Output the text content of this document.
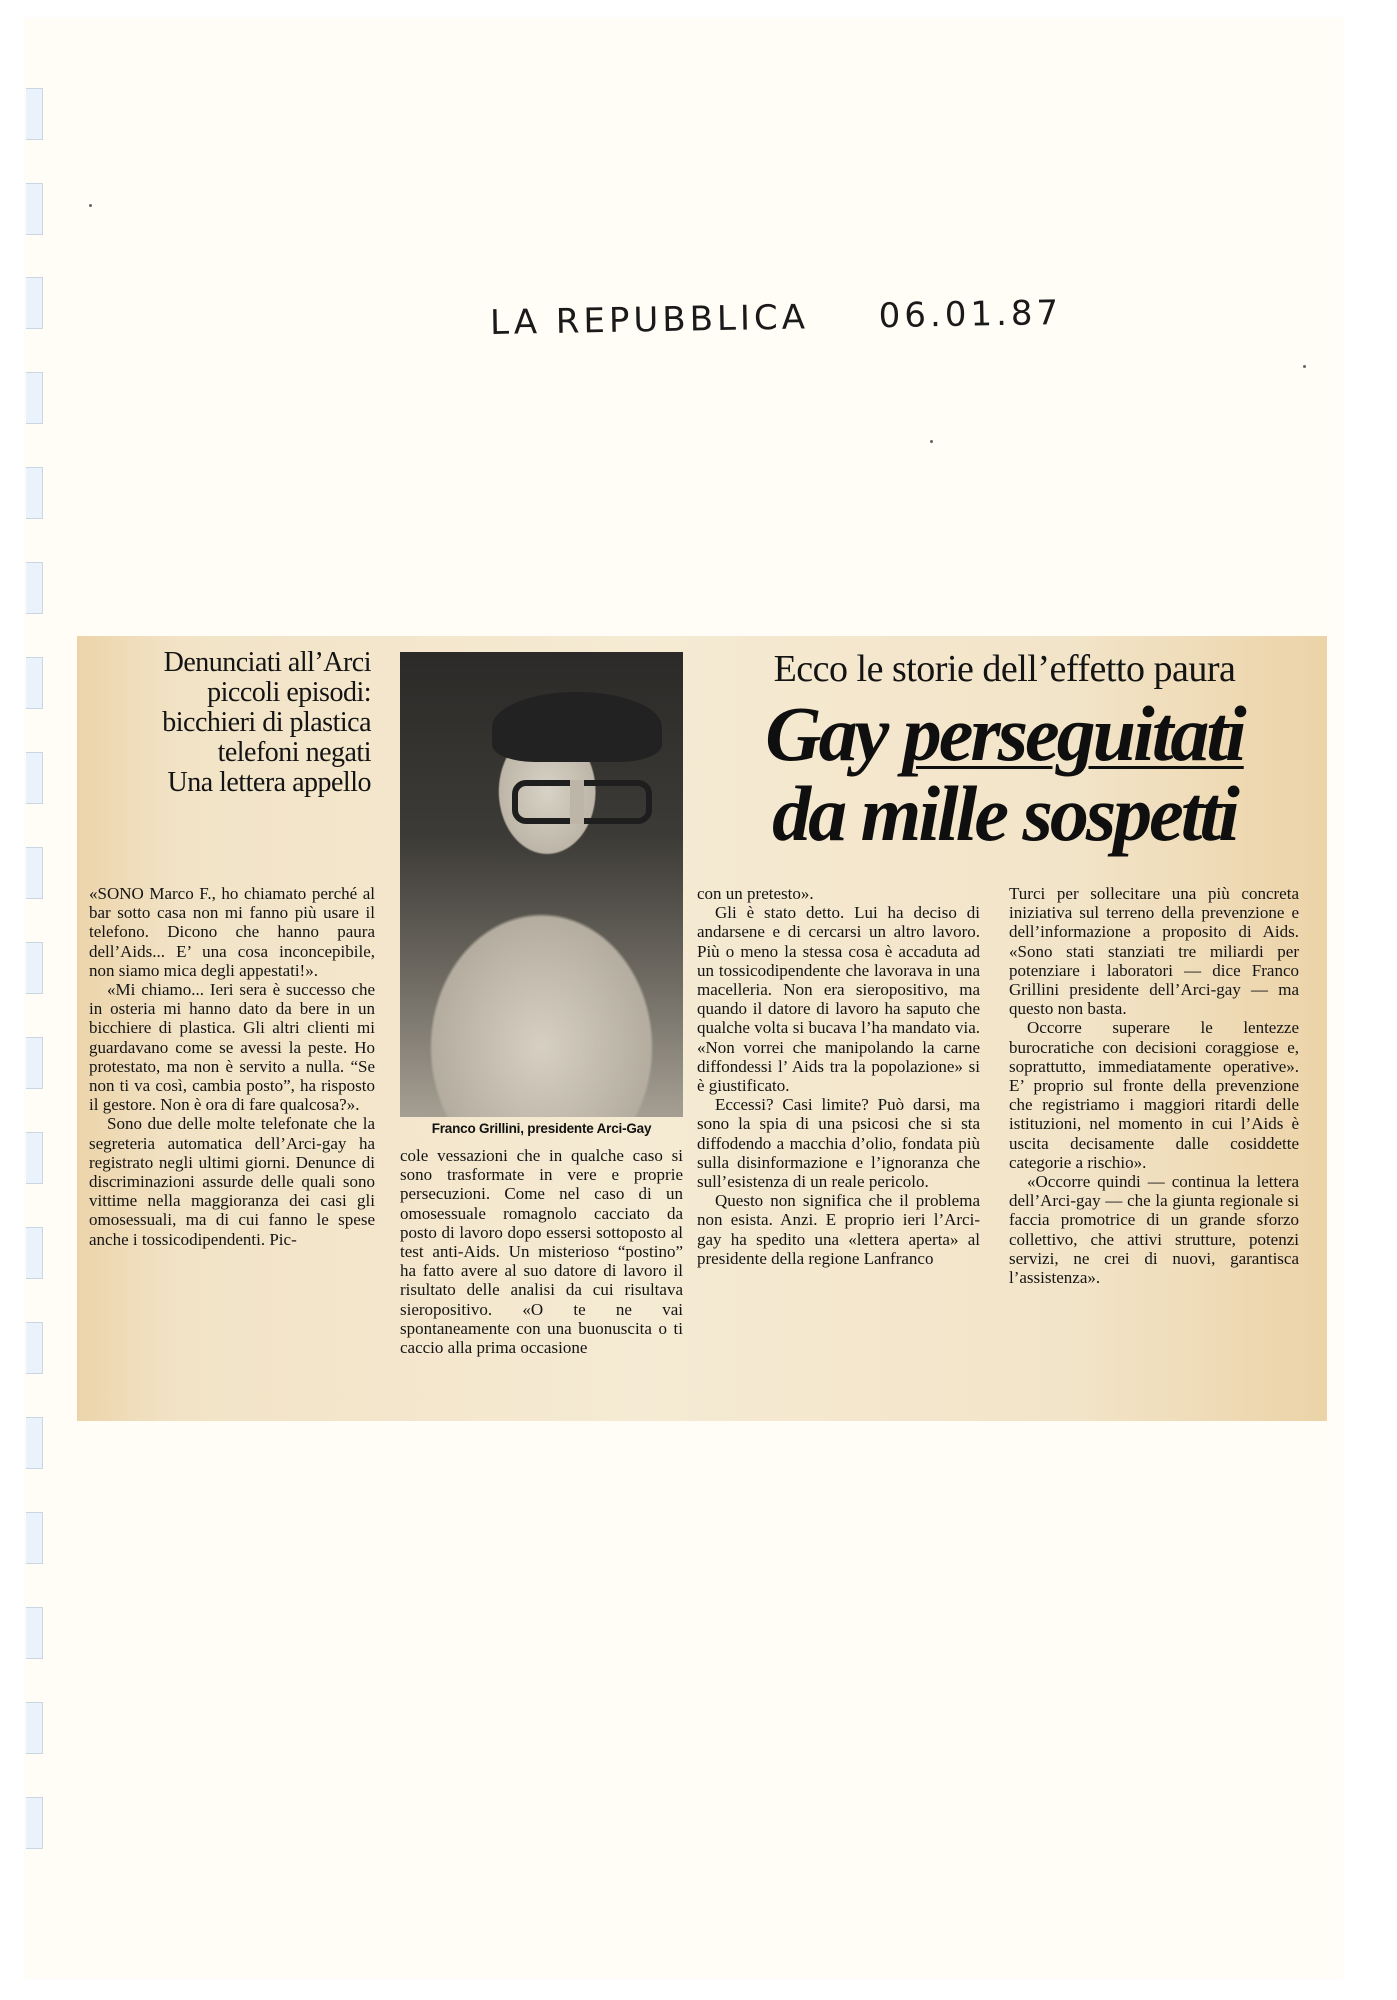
LA REPUBBLICA 06.01.87
Denunciati all’Arci
piccoli episodi:
bicchieri di plastica
telefoni negati
Una lettera appello
Franco Grillini, presidente Arci-Gay
Ecco le storie dell’effetto paura
Gay perseguitati
da mille sospetti

«SONO Marco F., ho chiamato perché al bar sotto casa non mi fanno più usare il telefono. Dicono che hanno paura dell’Aids... E’ una cosa inconcepibile, non siamo mica degli appestati!».

«Mi chiamo... Ieri sera è successo che in osteria mi hanno dato da bere in un bicchiere di plastica. Gli altri clienti mi guardavano come se avessi la peste. Ho protestato, ma non è servito a nulla. “Se non ti va così, cambia posto”, ha risposto il gestore. Non è ora di fare qualcosa?».

Sono due delle molte telefonate che la segreteria automatica dell’Arci-gay ha registrato negli ultimi giorni. Denunce di discriminazioni assurde delle quali sono vittime nella maggioranza dei casi gli omosessuali, ma di cui fanno le spese anche i tossicodipendenti. Pic-

cole vessazioni che in qualche caso si sono trasformate in vere e proprie persecuzioni. Come nel caso di un omosessuale romagnolo cacciato da posto di lavoro dopo essersi sottoposto al test anti-Aids. Un misterioso “postino” ha fatto avere al suo datore di lavoro il risultato delle analisi da cui risultava sieropositivo. «O te ne vai spontaneamente con una buonuscita o ti caccio alla prima occasione

con un pretesto».

Gli è stato detto. Lui ha deciso di andarsene e di cercarsi un altro lavoro. Più o meno la stessa cosa è accaduta ad un tossicodipendente che lavorava in una macelleria. Non era sieropositivo, ma quando il datore di lavoro ha saputo che qualche volta si bucava l’ha mandato via. «Non vorrei che manipolando la carne diffondessi l’ Aids tra la popolazione» si è giustificato.

Eccessi? Casi limite? Può darsi, ma sono la spia di una psicosi che si sta diffodendo a macchia d’olio, fondata più sulla disinformazione e l’ignoranza che sull’esistenza di un reale pericolo.

Questo non significa che il problema non esista. Anzi. E proprio ieri l’Arci-gay ha spedito una «lettera aperta» al presidente della regione Lanfranco

Turci per sollecitare una più concreta iniziativa sul terreno della prevenzione e dell’informazione a proposito di Aids. «Sono stati stanziati tre miliardi per potenziare i laboratori — dice Franco Grillini presidente dell’Arci-gay — ma questo non basta.

Occorre superare le lentezze burocratiche con decisioni coraggiose e, soprattutto, immediatamente operative». E’ proprio sul fronte della prevenzione che registriamo i maggiori ritardi delle istituzioni, nel momento in cui l’Aids è uscita decisamente dalle cosiddette categorie a rischio».

«Occorre quindi — continua la lettera dell’Arci-gay — che la giunta regionale si faccia promotrice di un grande sforzo collettivo, che attivi strutture, potenzi servizi, ne crei di nuovi, garantisca l’assistenza».
